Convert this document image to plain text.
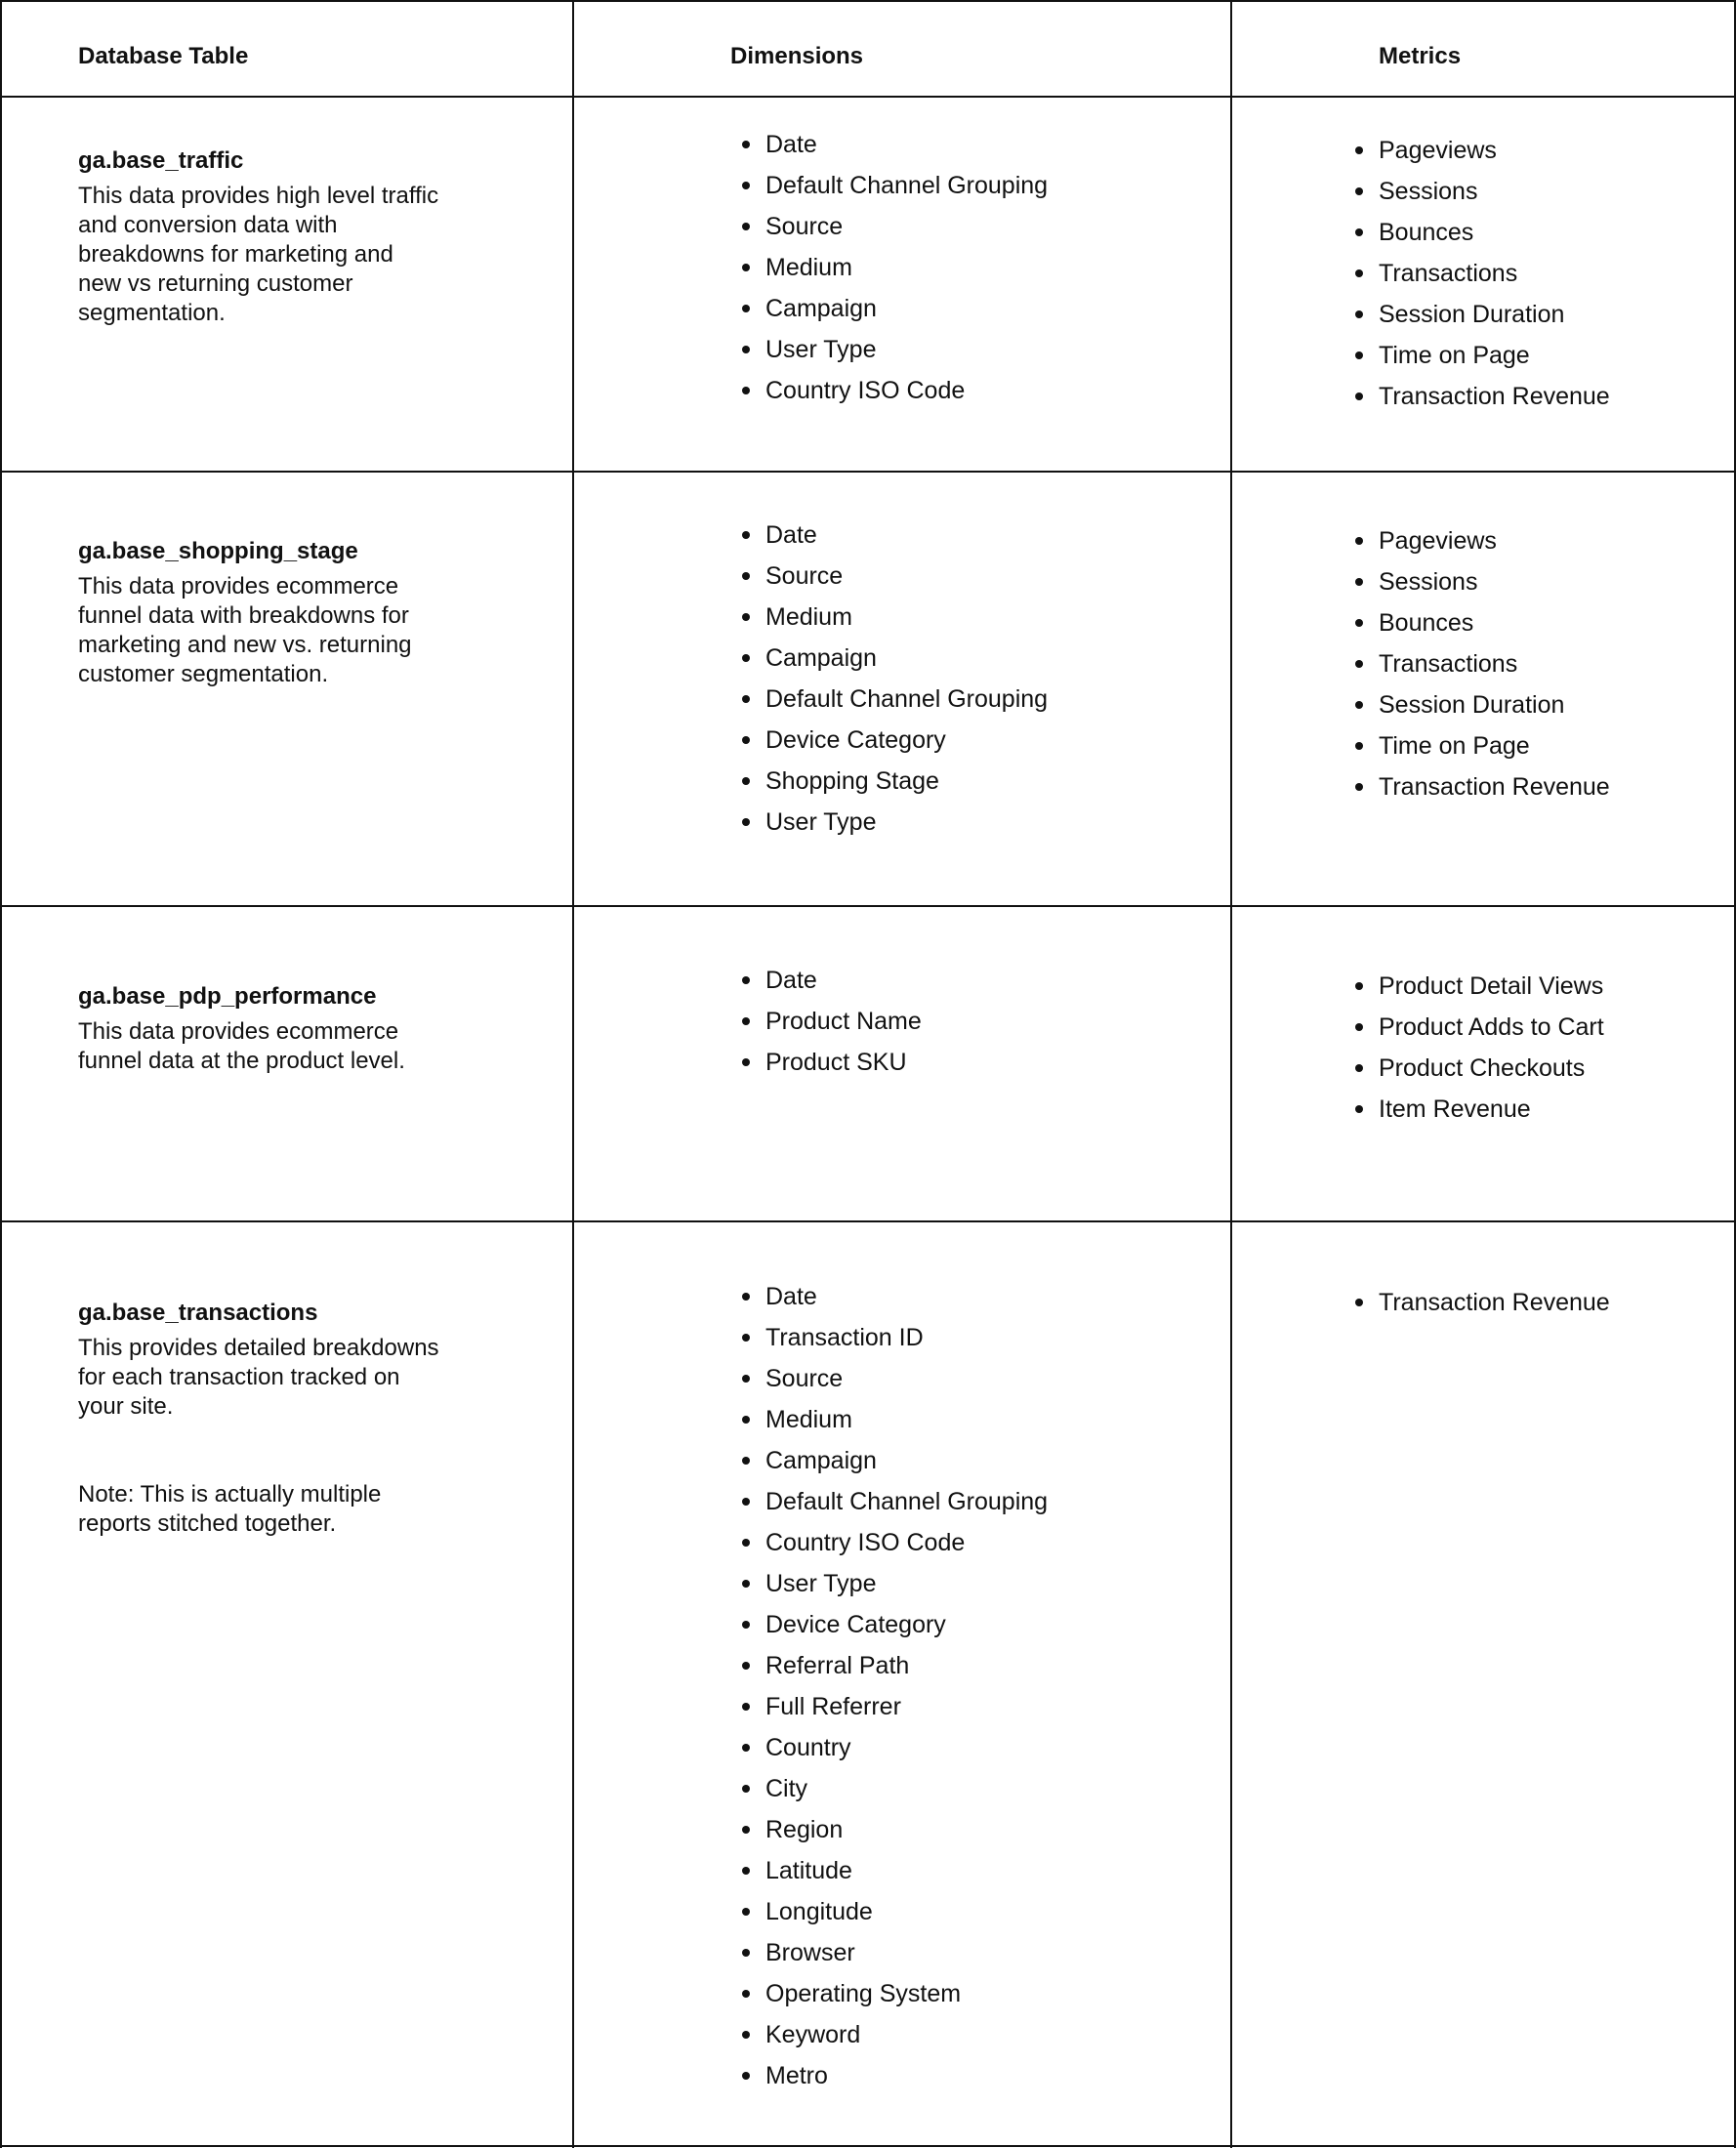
Database Table	Dimensions	Metrics
ga.base_traffic
This data provides high level traffic and conversion data with breakdowns for marketing and new vs returning customer segmentation.
Date
Default Channel Grouping
Source
Medium
Campaign
User Type
Country ISO Code
Pageviews
Sessions
Bounces
Transactions
Session Duration
Time on Page
Transaction Revenue
ga.base_shopping_stage
This data provides ecommerce funnel data with breakdowns for marketing and new vs. returning customer segmentation.
Date
Source
Medium
Campaign
Default Channel Grouping
Device Category
Shopping Stage
User Type
Pageviews
Sessions
Bounces
Transactions
Session Duration
Time on Page
Transaction Revenue
ga.base_pdp_performance
This data provides ecommerce funnel data at the product level.
Date
Product Name
Product SKU
Product Detail Views
Product Adds to Cart
Product Checkouts
Item Revenue
ga.base_transactions
This provides detailed breakdowns for each transaction tracked on your site.
Note: This is actually multiple reports stitched together.
Date
Transaction ID
Source
Medium
Campaign
Default Channel Grouping
Country ISO Code
User Type
Device Category
Referral Path
Full Referrer
Country
City
Region
Latitude
Longitude
Browser
Operating System
Keyword
Metro
Transaction Revenue
